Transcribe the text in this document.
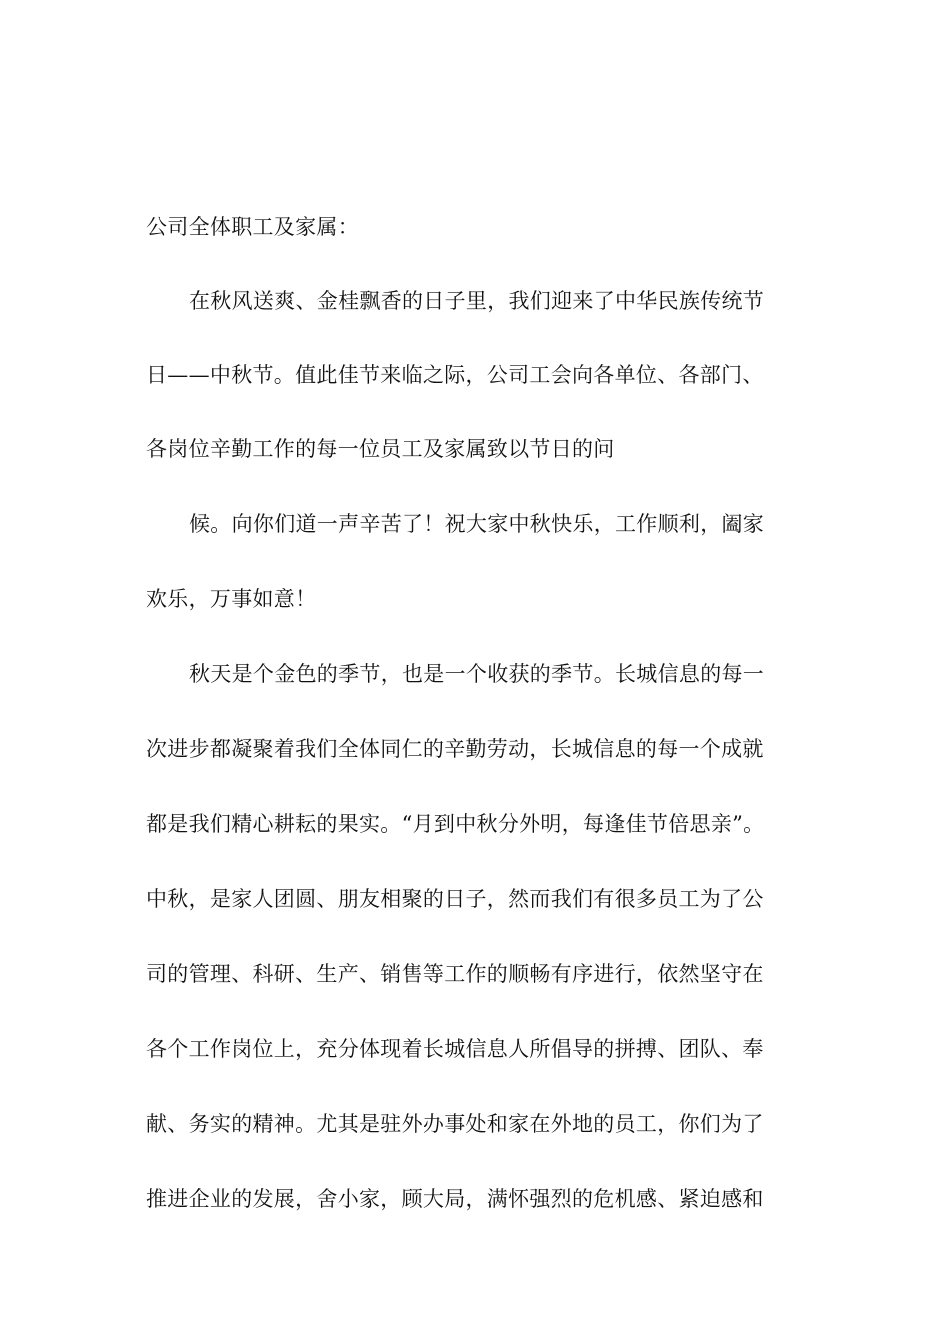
公司全体职工及家属：
在秋风送爽、金桂飘香的日子里，我们迎来了中华民族传统节
日——中秋节。值此佳节来临之际，公司工会向各单位、各部门、
各岗位辛勤工作的每一位员工及家属致以节日的问
候。向你们道一声辛苦了！祝大家中秋快乐，工作顺利，阖家
欢乐，万事如意！
秋天是个金色的季节，也是一个收获的季节。长城信息的每一
次进步都凝聚着我们全体同仁的辛勤劳动，长城信息的每一个成就
都是我们精心耕耘的果实。“月到中秋分外明，每逢佳节倍思亲”。
中秋，是家人团圆、朋友相聚的日子，然而我们有很多员工为了公
司的管理、科研、生产、销售等工作的顺畅有序进行，依然坚守在
各个工作岗位上，充分体现着长城信息人所倡导的拼搏、团队、奉
献、务实的精神。尤其是驻外办事处和家在外地的员工，你们为了
推进企业的发展，舍小家，顾大局，满怀强烈的危机感、紧迫感和
